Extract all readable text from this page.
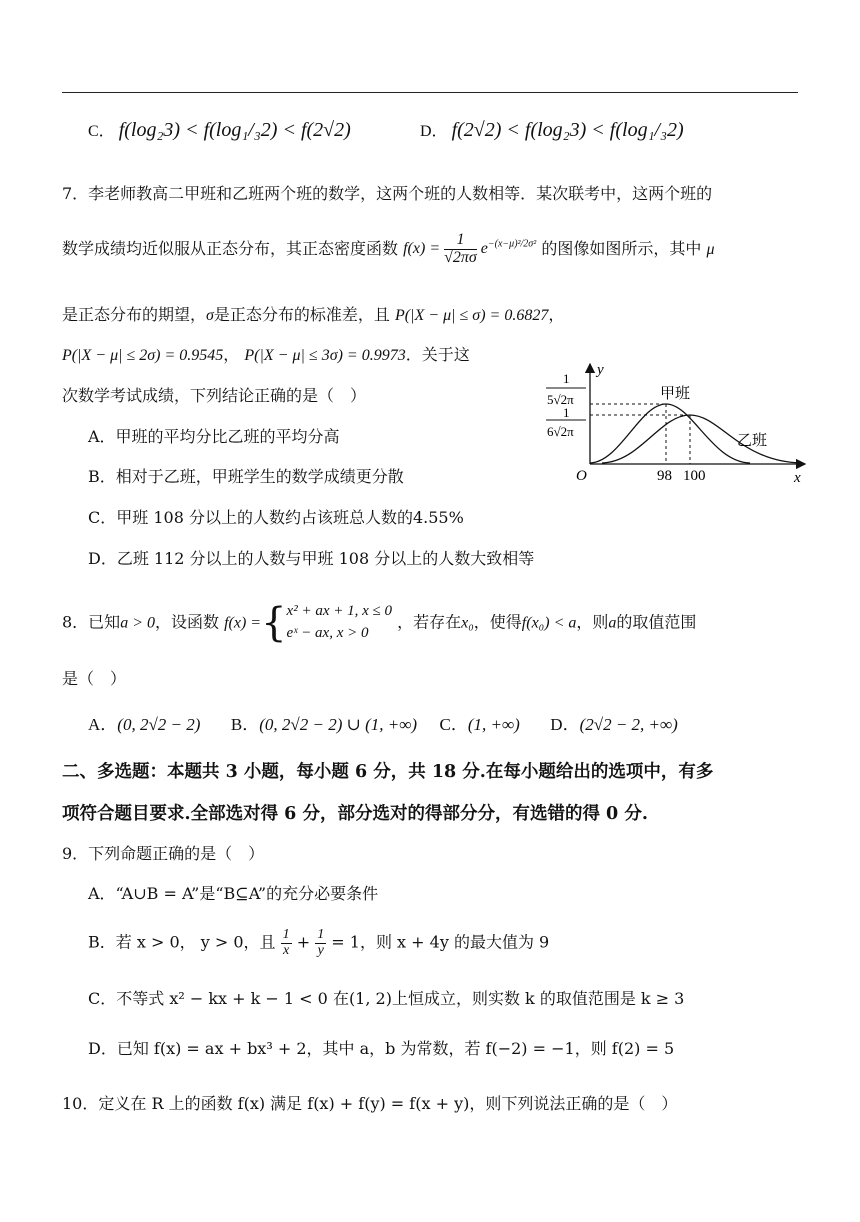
C． f(log₂3) < f(log₁/₃2) < f(2√2)	D． f(2√2) < f(log₂3) < f(log₁/₃2)
7．李老师教高二甲班和乙班两个班的数学，这两个班的人数相等．某次联考中，这两个班的
数学成绩均近似服从正态分布，其正态密度函数 $f(x) = \frac{1}{√2\pi\sigma} e^{-(x-\mu)^2/2\sigma^2}$ 的图像如图所示，其中 μ
是正态分布的期望，σ是正态分布的标准差，且 P(|X − μ| ≤ σ) = 0.6827，
P(|X − μ| ≤ 2σ) = 0.9545， P(|X − μ| ≤ 3σ) = 0.9973．关于这
次数学考试成绩，下列结论正确的是（　）
A．甲班的平均分比乙班的平均分高
B．相对于乙班，甲班学生的数学成绩更分散
C．甲班 108 分以上的人数约占该班总人数的4.55%
D．乙班 112 分以上的人数与甲班 108 分以上的人数大致相等
y
x
O
甲班
乙班
98 100
1
5√2π
1
6√2π
8．已知a > 0，设函数 f(x) ={ x² + ax + 1, x ≤ 0
eˣ − ax, x > 0
，若存在x₀，使得f(x₀) < a，则a的取值范围
是（　）
A．(0, 2√2 − 2) B．(0, 2√2 − 2) ∪ (1, +∞) C．(1, +∞) D．(2√2 − 2, +∞)
二、多选题：本题共 3 小题，每小题 6 分，共 18 分.在每小题给出的选项中，有多
项符合题目要求.全部选对得 6 分，部分选对的得部分分，有选错的得 0 分.
9．下列命题正确的是（　）
A．“A∪B = A”是“B⊆A”的充分必要条件
B．若 x > 0， y > 0，且 $\frac{1}{x} + \frac{1}{y} = 1$，则 x + 4y 的最大值为 9
C．不等式 x² − kx + k − 1 < 0 在(1, 2)上恒成立，则实数 k 的取值范围是 k ≥ 3
D．已知 f(x) = ax + bx³ + 2，其中 a，b 为常数，若 f(−2) = −1，则 f(2) = 5
10．定义在 R 上的函数 f(x) 满足 f(x) + f(y) = f(x + y)，则下列说法正确的是（　）
